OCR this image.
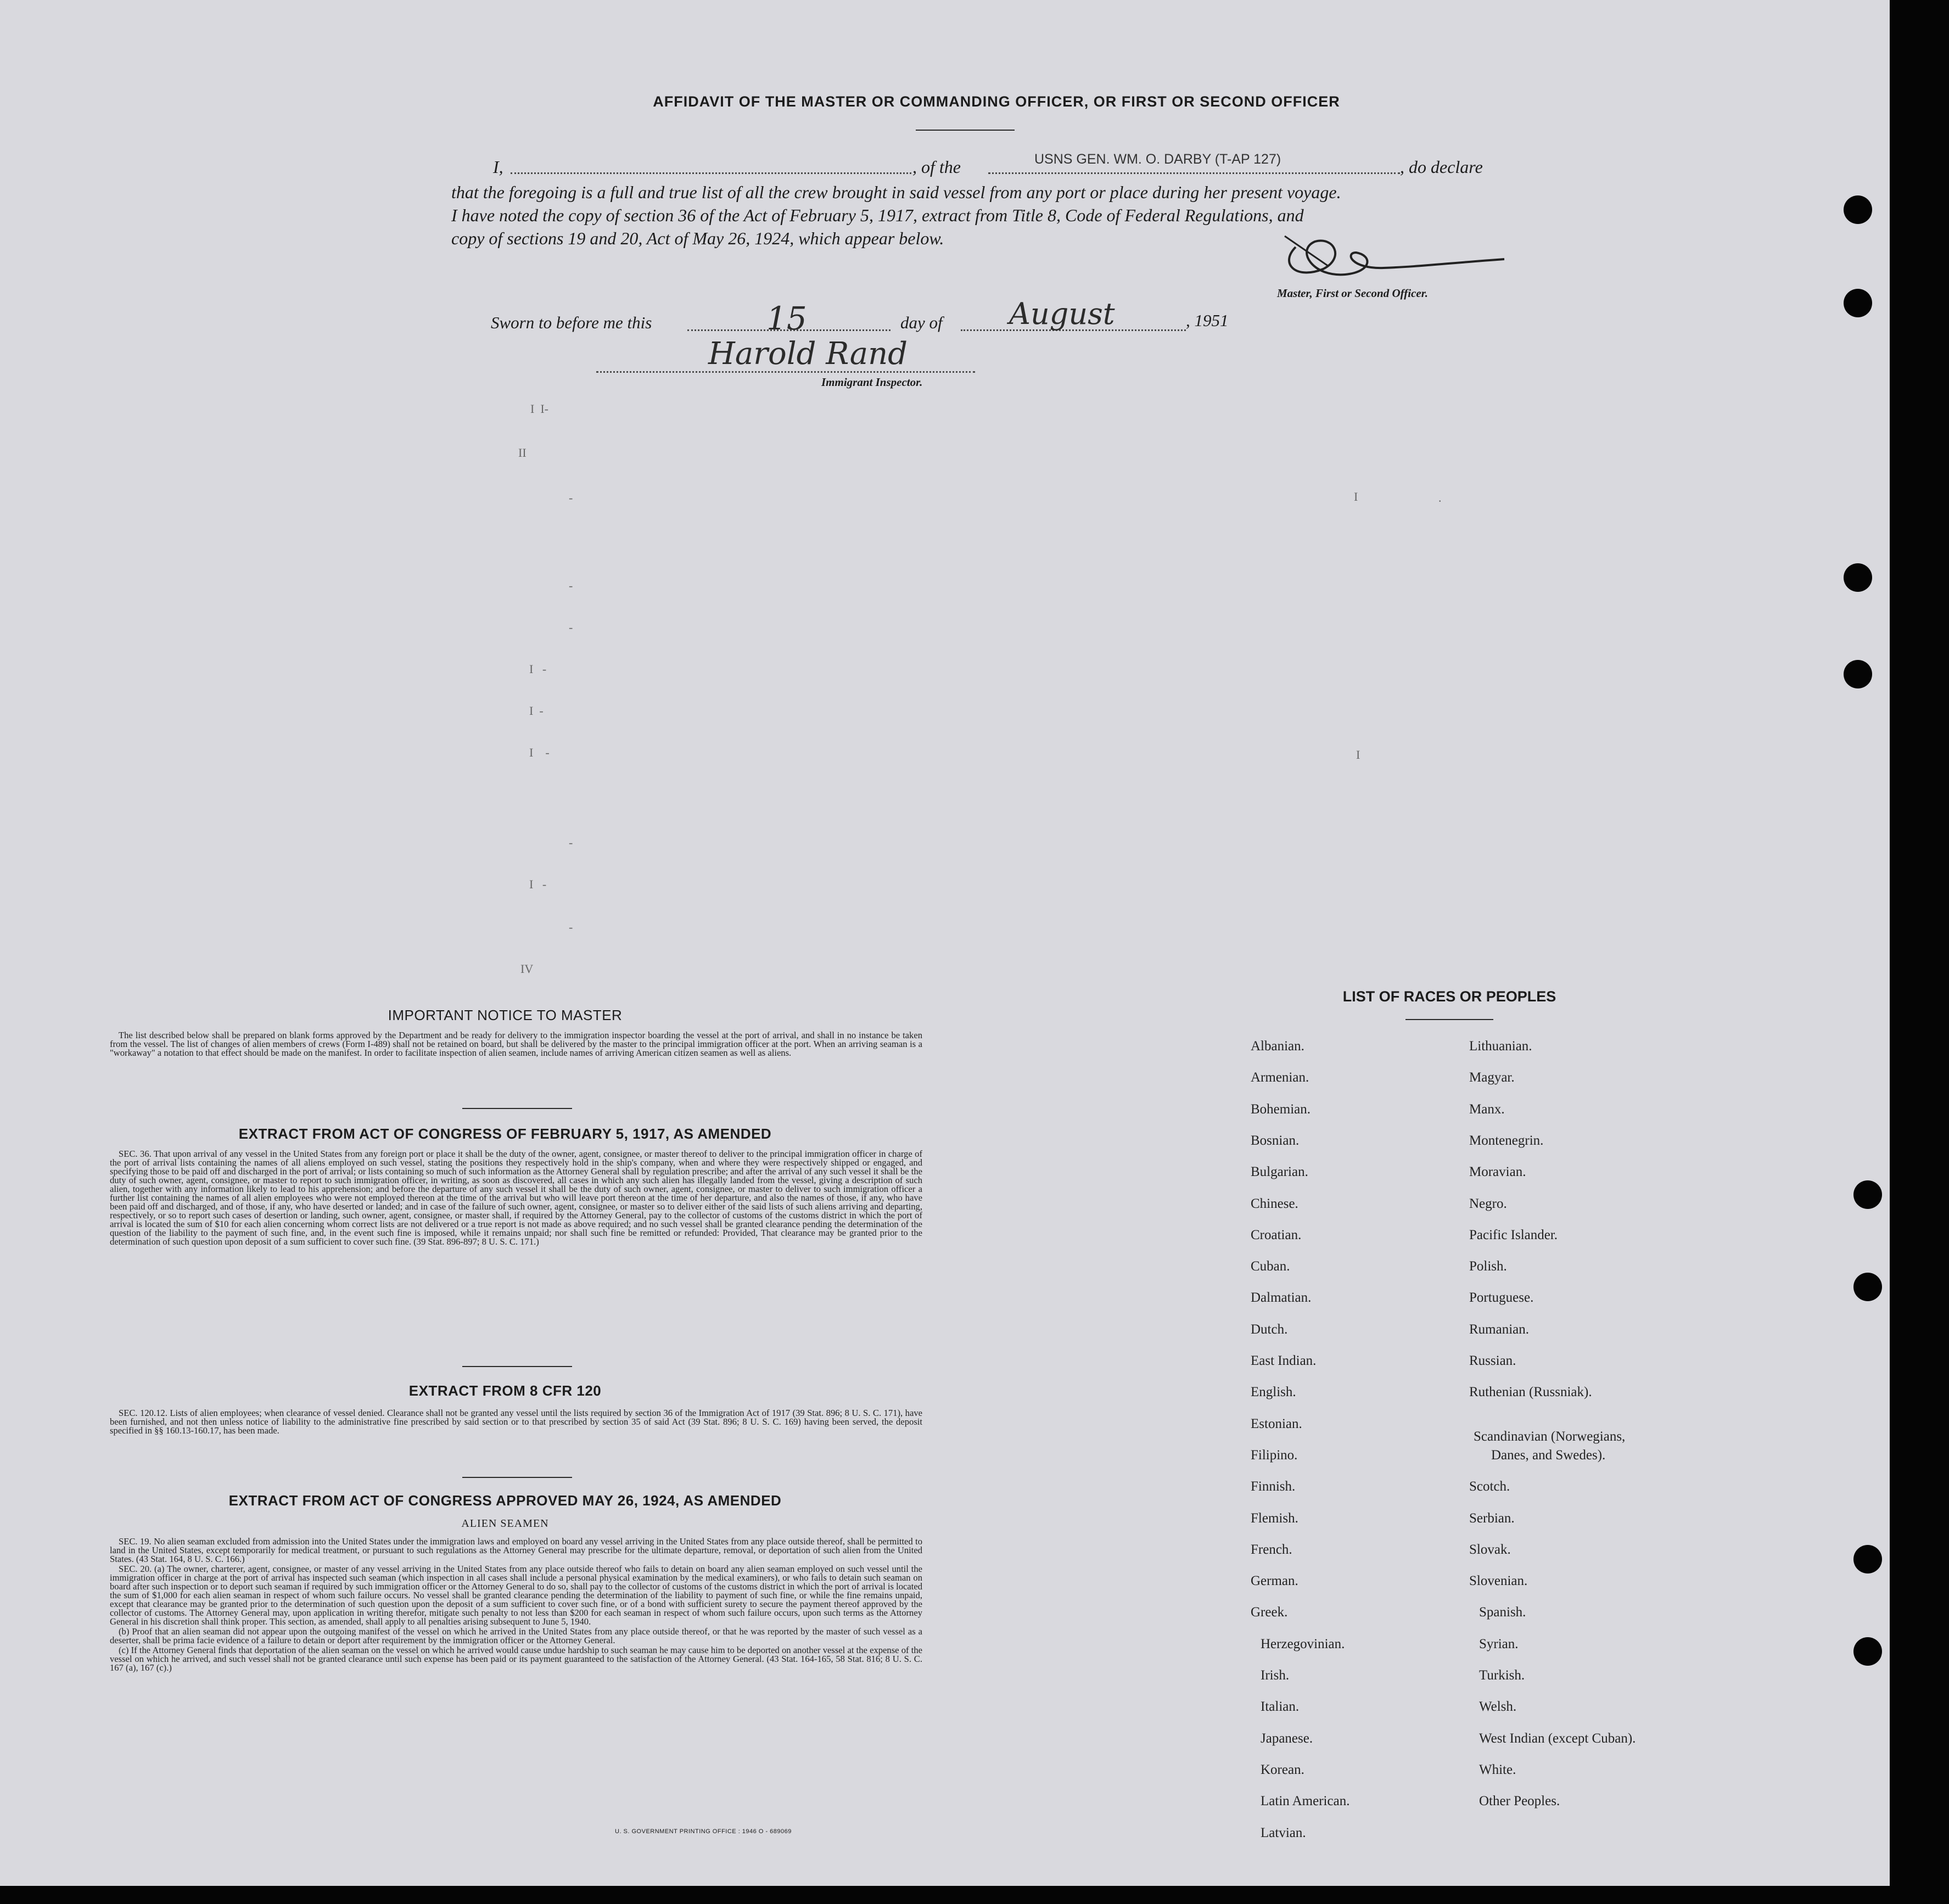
AFFIDAVIT OF THE MASTER OR COMMANDING OFFICER, OR FIRST OR SECOND OFFICER
I,	, of the	USNS GEN. WM. O. DARBY (T-AP 127)	, do declare
that the foregoing is a full and true list of all the crew brought in said vessel from any port or place during her present voyage.
I have noted the copy of section 36 of the Act of February 5, 1917, extract from Title 8, Code of Federal Regulations, and
copy of sections 19 and 20, Act of May 26, 1924, which appear below.
Master, First or Second Officer.
Sworn to before me this	15	day of August	, 1951
Harold Rand
Immigrant Inspector.
I  I-
II
-	I	.
-
-
I   -
I  -
I    -	I
-
I   -
-
IV
IMPORTANT NOTICE TO MASTER
The list described below shall be prepared on blank forms approved by the Department and be ready for delivery to the immigration inspector boarding the vessel at the port of arrival, and shall in no instance be taken from the vessel. The list of changes of alien members of crews (Form I-489) shall not be retained on board, but shall be delivered by the master to the principal immigration officer at the port. When an arriving seaman is a "workaway" a notation to that effect should be made on the manifest. In order to facilitate inspection of alien seamen, include names of arriving American citizen seamen as well as aliens.
EXTRACT FROM ACT OF CONGRESS OF FEBRUARY 5, 1917, AS AMENDED
SEC. 36. That upon arrival of any vessel in the United States from any foreign port or place it shall be the duty of the owner, agent, consignee, or master thereof to deliver to the principal immigration officer in charge of the port of arrival lists containing the names of all aliens employed on such vessel, stating the positions they respectively hold in the ship's company, when and where they were respectively shipped or engaged, and specifying those to be paid off and discharged in the port of arrival; or lists containing so much of such information as the Attorney General shall by regulation prescribe; and after the arrival of any such vessel it shall be the duty of such owner, agent, consignee, or master to report to such immigration officer, in writing, as soon as discovered, all cases in which any such alien has illegally landed from the vessel, giving a description of such alien, together with any information likely to lead to his apprehension; and before the departure of any such vessel it shall be the duty of such owner, agent, consignee, or master to deliver to such immigration officer a further list containing the names of all alien employees who were not employed thereon at the time of the arrival but who will leave port thereon at the time of her departure, and also the names of those, if any, who have been paid off and discharged, and of those, if any, who have deserted or landed; and in case of the failure of such owner, agent, consignee, or master so to deliver either of the said lists of such aliens arriving and departing, respectively, or so to report such cases of desertion or landing, such owner, agent, consignee, or master shall, if required by the Attorney General, pay to the collector of customs of the customs district in which the port of arrival is located the sum of $10 for each alien concerning whom correct lists are not delivered or a true report is not made as above required; and no such vessel shall be granted clearance pending the determination of the question of the liability to the payment of such fine, and, in the event such fine is imposed, while it remains unpaid; nor shall such fine be remitted or refunded: Provided, That clearance may be granted prior to the determination of such question upon deposit of a sum sufficient to cover such fine. (39 Stat. 896-897; 8 U. S. C. 171.)
EXTRACT FROM 8 CFR 120
SEC. 120.12. Lists of alien employees; when clearance of vessel denied. Clearance shall not be granted any vessel until the lists required by section 36 of the Immigration Act of 1917 (39 Stat. 896; 8 U. S. C. 171), have been furnished, and not then unless notice of liability to the administrative fine prescribed by said section or to that prescribed by section 35 of said Act (39 Stat. 896; 8 U. S. C. 169) having been served, the deposit specified in §§ 160.13-160.17, has been made.
EXTRACT FROM ACT OF CONGRESS APPROVED MAY 26, 1924, AS AMENDED
ALIEN SEAMEN

SEC. 19. No alien seaman excluded from admission into the United States under the immigration laws and employed on board any vessel arriving in the United States from any place outside thereof, shall be permitted to land in the United States, except temporarily for medical treatment, or pursuant to such regulations as the Attorney General may prescribe for the ultimate departure, removal, or deportation of such alien from the United States. (43 Stat. 164, 8 U. S. C. 166.)

SEC. 20. (a) The owner, charterer, agent, consignee, or master of any vessel arriving in the United States from any place outside thereof who fails to detain on board any alien seaman employed on such vessel until the immigration officer in charge at the port of arrival has inspected such seaman (which inspection in all cases shall include a personal physical examination by the medical examiners), or who fails to detain such seaman on board after such inspection or to deport such seaman if required by such immigration officer or the Attorney General to do so, shall pay to the collector of customs of the customs district in which the port of arrival is located the sum of $1,000 for each alien seaman in respect of whom such failure occurs. No vessel shall be granted clearance pending the determination of the liability to payment of such fine, or while the fine remains unpaid, except that clearance may be granted prior to the determination of such question upon the deposit of a sum sufficient to cover such fine, or of a bond with sufficient surety to secure the payment thereof approved by the collector of customs. The Attorney General may, upon application in writing therefor, mitigate such penalty to not less than $200 for each seaman in respect of whom such failure occurs, upon such terms as the Attorney General in his discretion shall think proper. This section, as amended, shall apply to all penalties arising subsequent to June 5, 1940.

(b) Proof that an alien seaman did not appear upon the outgoing manifest of the vessel on which he arrived in the United States from any place outside thereof, or that he was reported by the master of such vessel as a deserter, shall be prima facie evidence of a failure to detain or deport after requirement by the immigration officer or the Attorney General.

(c) If the Attorney General finds that deportation of the alien seaman on the vessel on which he arrived would cause undue hardship to such seaman he may cause him to be deported on another vessel at the expense of the vessel on which he arrived, and such vessel shall not be granted clearance until such expense has been paid or its payment guaranteed to the satisfaction of the Attorney General. (43 Stat. 164-165, 58 Stat. 816; 8 U. S. C. 167 (a), 167 (c).)

U. S. GOVERNMENT PRINTING OFFICE : 1946 O - 689069
LIST OF RACES OR PEOPLES
Albanian.
Armenian.
Bohemian.
Bosnian.
Bulgarian.
Chinese.
Croatian.
Cuban.
Dalmatian.
Dutch.
East Indian.
English.
Estonian.
Filipino.
Finnish.
Flemish.
French.
German.
Greek.
Herzegovinian.
Irish.
Italian.
Japanese.
Korean.
Latin American.
Latvian.
Lithuanian.
Magyar.
Manx.
Montenegrin.
Moravian.
Negro.
Pacific Islander.
Polish.
Portuguese.
Rumanian.
Russian.
Ruthenian (Russniak).
Scandinavian (Norwegians,
Danes, and Swedes).
Scotch.
Serbian.
Slovak.
Slovenian.
Spanish.
Syrian.
Turkish.
Welsh.
West Indian (except Cuban).
White.
Other Peoples.
